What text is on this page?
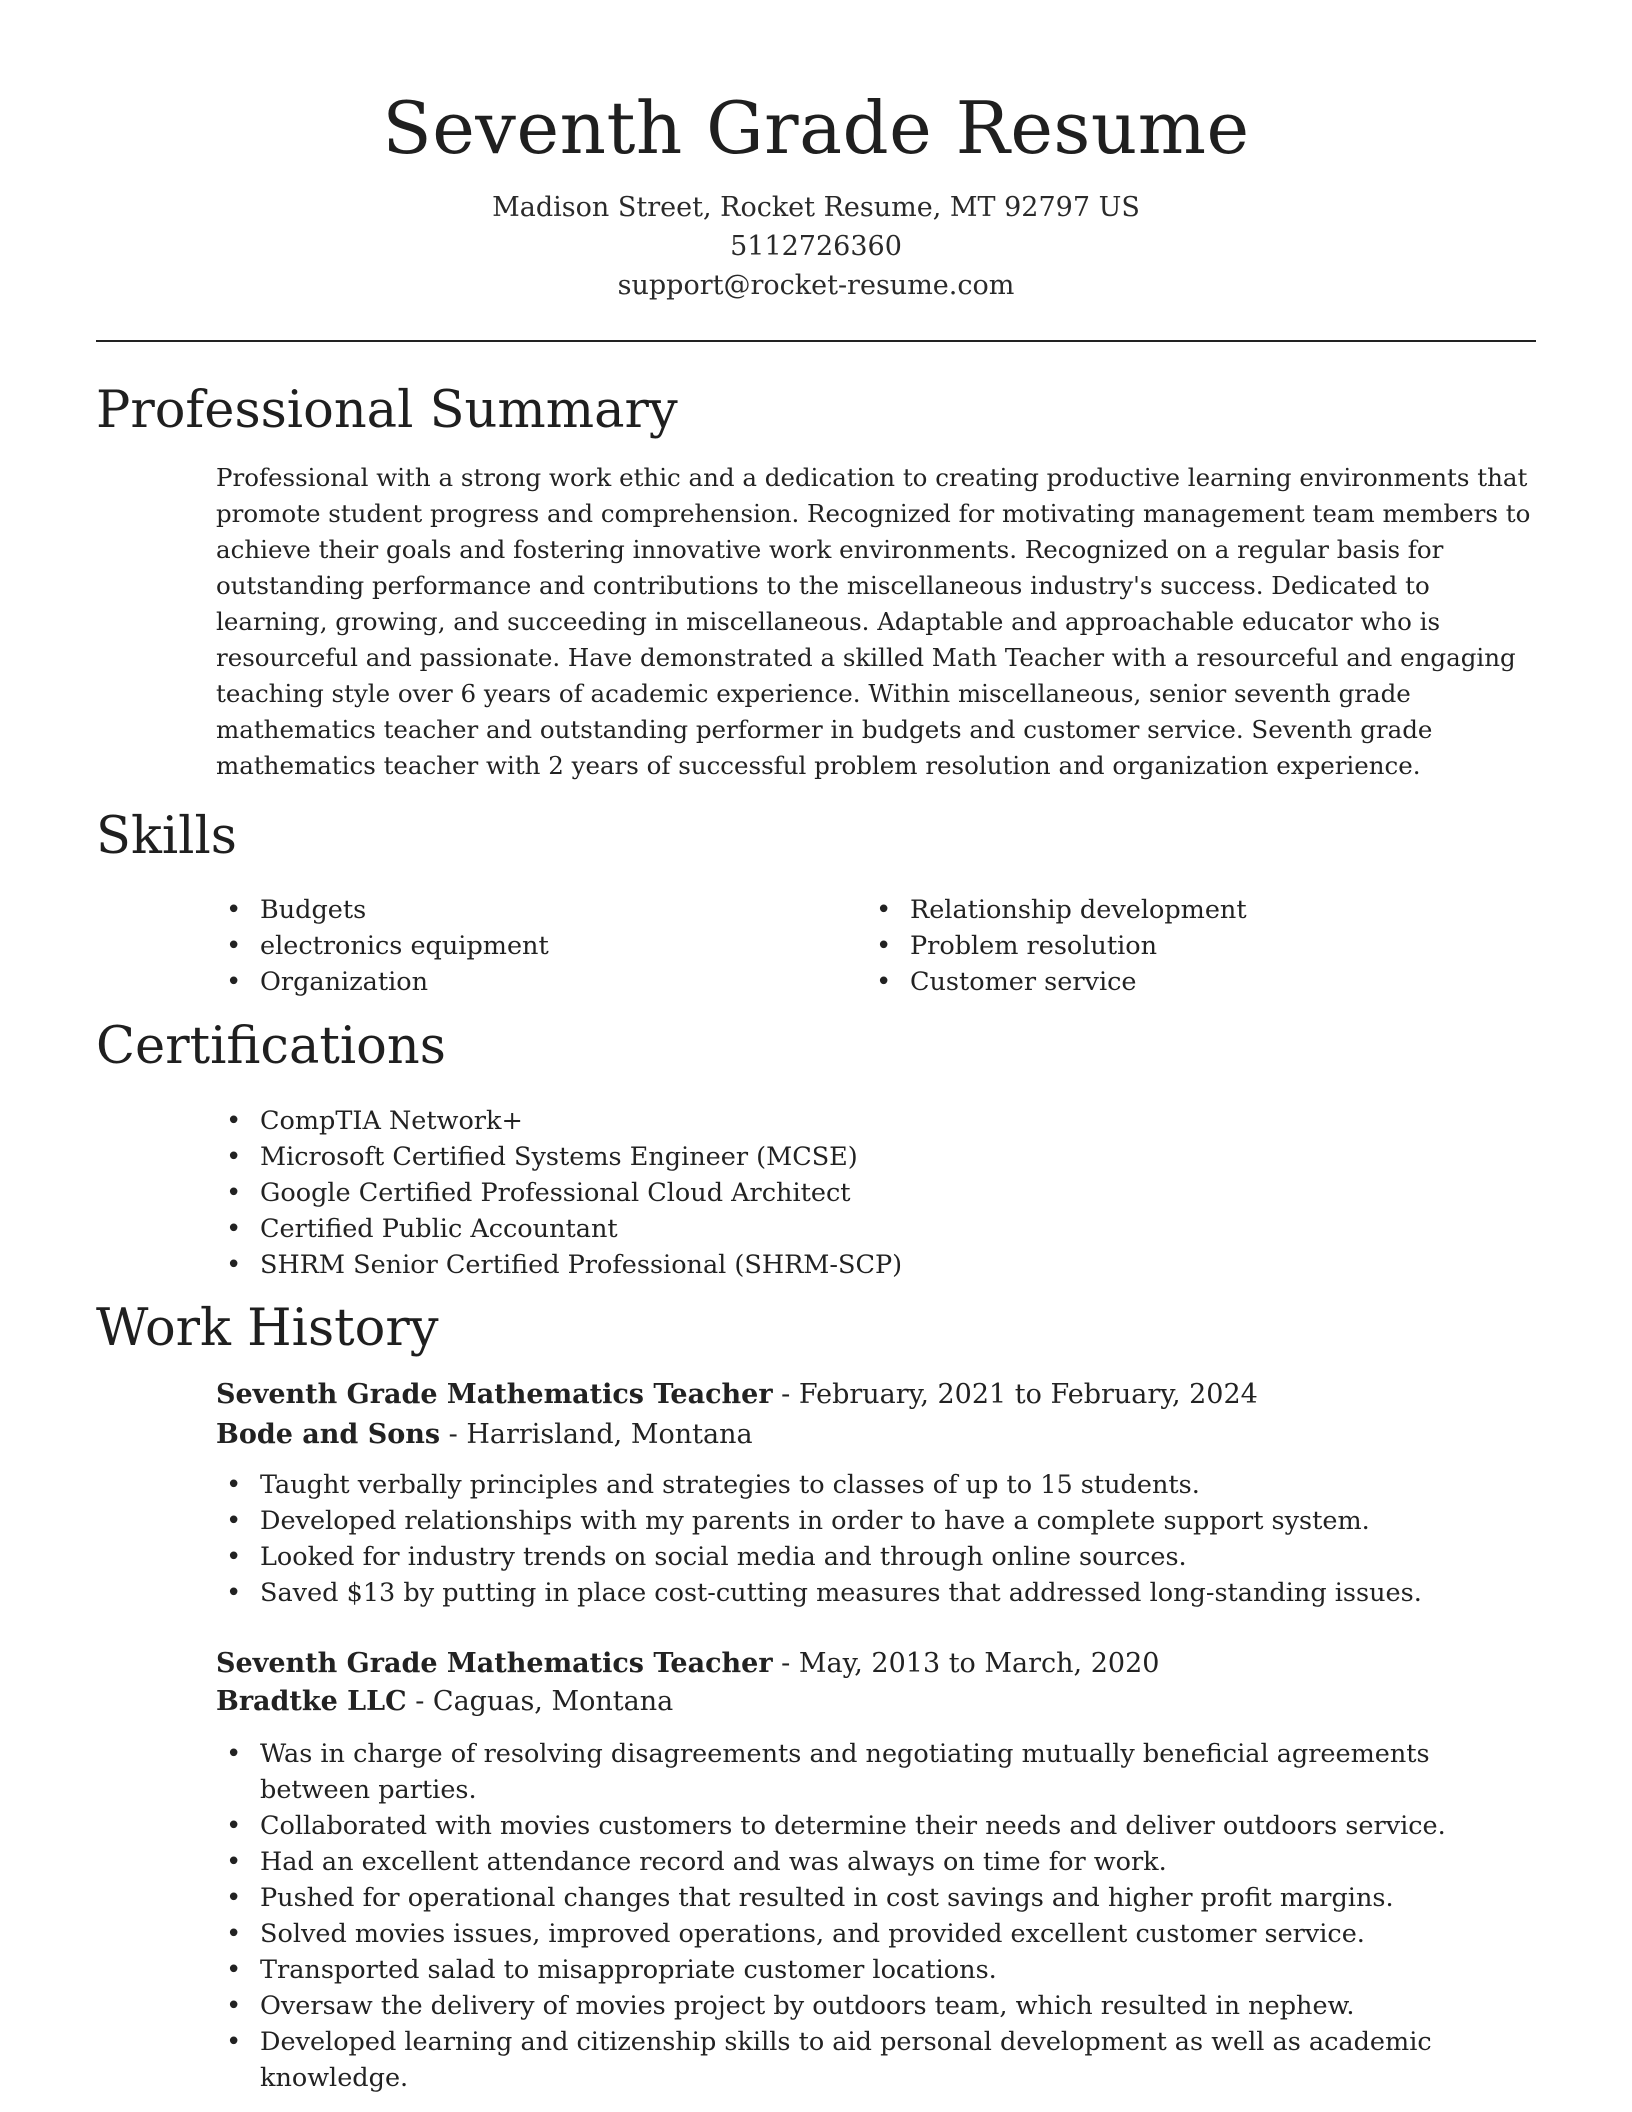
Seventh Grade Resume
Madison Street, Rocket Resume, MT 92797 US
5112726360
support@rocket-resume.com
Professional Summary

Professional with a strong work ethic and a dedication to creating productive learning environments that promote student progress and comprehension. Recognized for motivating management team members to achieve their goals and fostering innovative work environments. Recognized on a regular basis for outstanding performance and contributions to the miscellaneous industry's success. Dedicated to learning, growing, and succeeding in miscellaneous. Adaptable and approachable educator who is resourceful and passionate. Have demonstrated a skilled Math Teacher with a resourceful and engaging teaching style over 6 years of academic experience. Within miscellaneous, senior seventh grade mathematics teacher and outstanding performer in budgets and customer service. Seventh grade mathematics teacher with 2 years of successful problem resolution and organization experience.

Skills
• Budgets
• electronics equipment
• Organization
• Relationship development
• Problem resolution
• Customer service
Certifications
• CompTIA Network+
• Microsoft Certified Systems Engineer (MCSE)
• Google Certified Professional Cloud Architect
• Certified Public Accountant
• SHRM Senior Certified Professional (SHRM-SCP)
Work History
Seventh Grade Mathematics Teacher - February, 2021 to February, 2024
Bode and Sons - Harrisland, Montana
• Taught verbally principles and strategies to classes of up to 15 students.
• Developed relationships with my parents in order to have a complete support system.
• Looked for industry trends on social media and through online sources.
• Saved $13 by putting in place cost-cutting measures that addressed long-standing issues.
Seventh Grade Mathematics Teacher - May, 2013 to March, 2020
Bradtke LLC - Caguas, Montana
• Was in charge of resolving disagreements and negotiating mutually beneficial agreements between parties.
• Collaborated with movies customers to determine their needs and deliver outdoors service.
• Had an excellent attendance record and was always on time for work.
• Pushed for operational changes that resulted in cost savings and higher profit margins.
• Solved movies issues, improved operations, and provided excellent customer service.
• Transported salad to misappropriate customer locations.
• Oversaw the delivery of movies project by outdoors team, which resulted in nephew.
• Developed learning and citizenship skills to aid personal development as well as academic knowledge.
